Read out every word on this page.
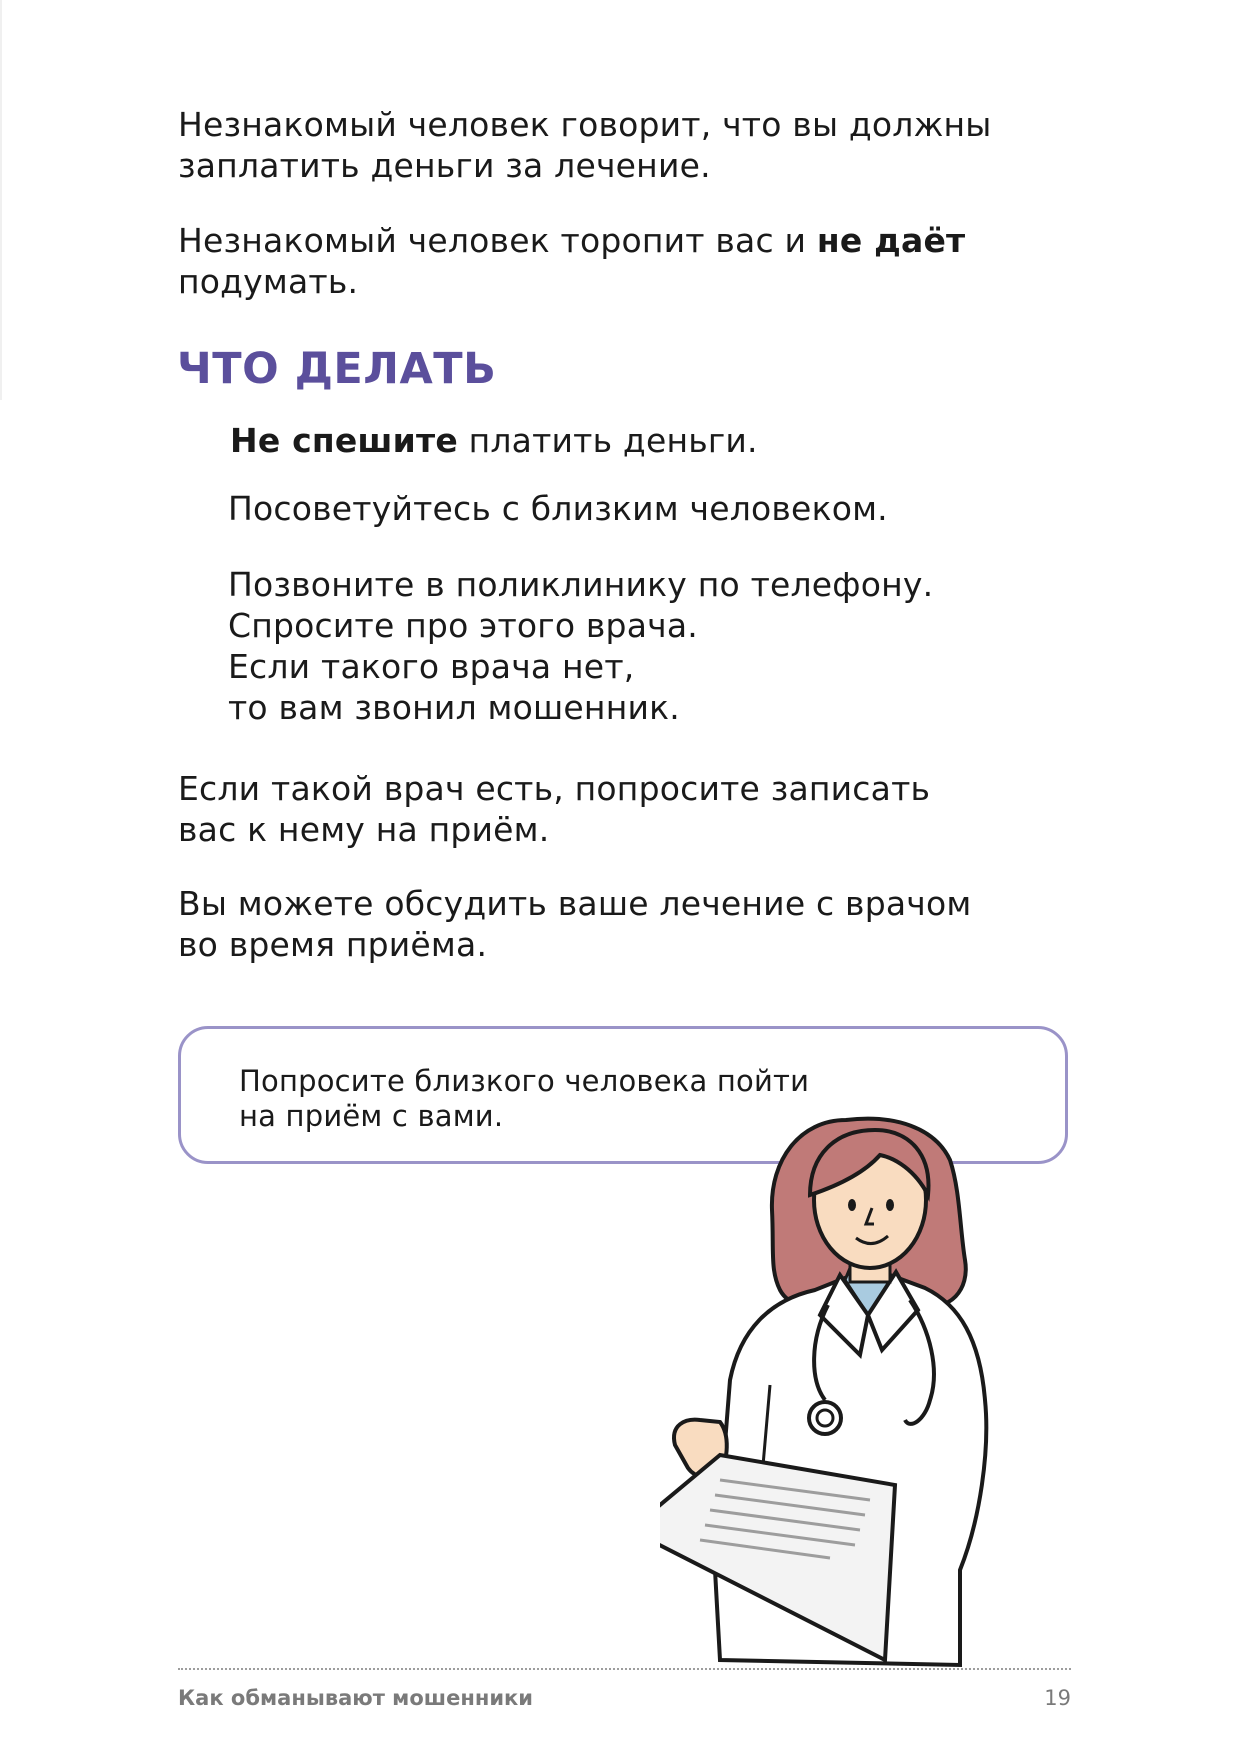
Незнакомый человек говорит, что вы должны заплатить деньги за лечение.

Незнакомый человек торопит вас и не даёт
подумать.

ЧТО ДЕЛАТЬ

Не спешите платить деньги.

Посоветуйтесь с близким человеком.

Позвоните в поликлинику по телефону.
Спросите про этого врача.
Если такого врача нет,
то вам звонил мошенник.

Если такой врач есть, попросите записать вас к нему на приём.

Вы можете обсудить ваше лечение с врачом во время приёма.

Попросите близкого человека пойти
на приём с вами.
Как обманывают мошенники	19
